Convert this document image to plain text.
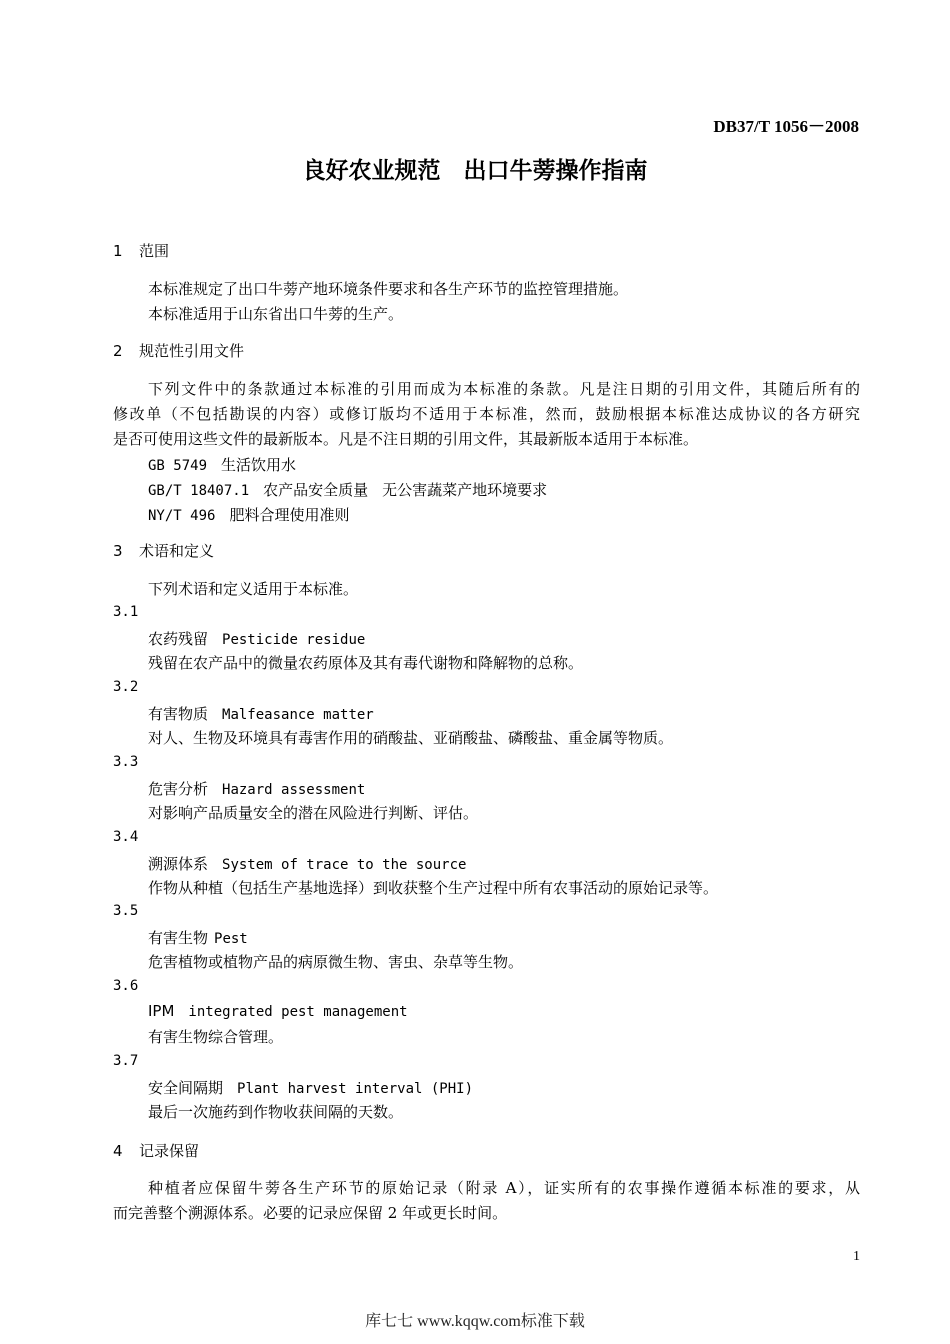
DB37/T 1056－2008
良好农业规范　出口牛蒡操作指南
1 范围
本标准规定了出口牛蒡产地环境条件要求和各生产环节的监控管理措施。
本标准适用于山东省出口牛蒡的生产。
2 规范性引用文件
下列文件中的条款通过本标准的引用而成为本标准的条款。凡是注日期的引用文件，其随后所有的
修改单（不包括勘误的内容）或修订版均不适用于本标准，然而，鼓励根据本标准达成协议的各方研究
是否可使用这些文件的最新版本。凡是不注日期的引用文件，其最新版本适用于本标准。
GB 5749 生活饮用水
GB/T 18407.1 农产品安全质量 无公害蔬菜产地环境要求
NY/T 496 肥料合理使用准则
3 术语和定义
下列术语和定义适用于本标准。
3.1
农药残留 Pesticide residue
残留在农产品中的微量农药原体及其有毒代谢物和降解物的总称。
3.2
有害物质 Malfeasance matter
对人、生物及环境具有毒害作用的硝酸盐、亚硝酸盐、磷酸盐、重金属等物质。
3.3
危害分析 Hazard assessment
对影响产品质量安全的潜在风险进行判断、评估。
3.4
溯源体系 System of trace to the source
作物从种植（包括生产基地选择）到收获整个生产过程中所有农事活动的原始记录等。
3.5
有害生物 Pest
危害植物或植物产品的病原微生物、害虫、杂草等生物。
3.6
IPM integrated pest management
有害生物综合管理。
3.7
安全间隔期 Plant harvest interval (PHI)
最后一次施药到作物收获间隔的天数。
4 记录保留
种植者应保留牛蒡各生产环节的原始记录（附录 A），证实所有的农事操作遵循本标准的要求，从
而完善整个溯源体系。必要的记录应保留 2 年或更长时间。
1
库七七 www.kqqw.com标准下载
